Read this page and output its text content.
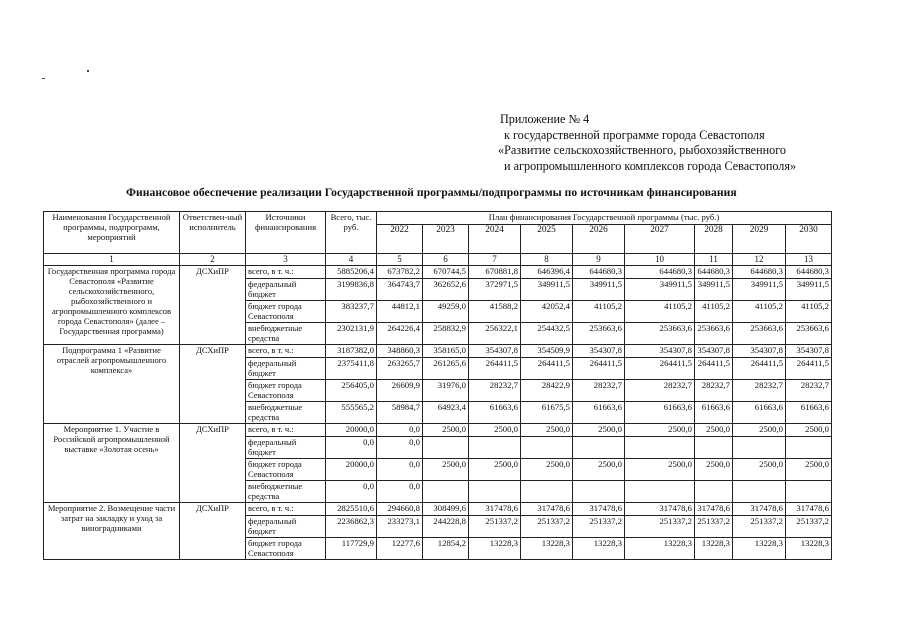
Приложение № 4
к государственной программе города Севастополя
«Развитие сельскохозяйственного, рыбохозяйственного
и агропромышленного комплексов города Севастополя»
Финансовое обеспечение реализации Государственной программы/подпрограммы по источникам финансирования
Наименования Государственной программы, подпрограмм, мероприятий	Ответствен-ный исполнитель	Источники финансирования	Всего, тыс. руб.	План финансирования Государственной программы (тыс. руб.)								
				2022	2023	2024	2025	2026	2027	2028	2029	2030
1	2	3	4	5	6	7	8	9	10	11	12	13
Государственная программа города Севастополя «Развитие сельскохозяйственного, рыбохозяйственного и агропромышленного комплексов города Севастополя» (далее – Государственная программа)	ДСХиПР	всего, в т. ч.:	5885206,4	673782,2	670744,5	670881,8	646396,4	644680,3	644680,3	644680,3	644680,3	644680,3
		федеральный бюджет	3199836,8	364743,7	362652,6	372971,5	349911,5	349911,5	349911,5	349911,5	349911,5	349911,5
		бюджет города Севастополя	383237,7	44812,1	49259,0	41588,2	42052,4	41105,2	41105,2	41105,2	41105,2	41105,2
		внебюджетные средства	2302131,9	264226,4	258832,9	256322,1	254432,5	253663,6	253663,6	253663,6	253663,6	253663,6
Подпрограмма 1 «Развитие отраслей агропромышленного комплекса»	ДСХиПР	всего, в т. ч.:	3187382,0	348860,3	358165,0	354307,8	354509,9	354307,8	354307,8	354307,8	354307,8	354307,8
		федеральный бюджет	2375411,8	263265,7	261265,6	264411,5	264411,5	264411,5	264411,5	264411,5	264411,5	264411,5
		бюджет города Севастополя	256405,0	26609,9	31976,0	28232,7	28422,9	28232,7	28232,7	28232,7	28232,7	28232,7
		внебюджетные средства	555565,2	58984,7	64923,4	61663,6	61675,5	61663,6	61663,6	61663,6	61663,6	61663,6
Мероприятие 1. Участие в Российской агропромышленной выставке «Золотая осень»	ДСХиПР	всего, в т. ч.:	20000,0	0,0	2500,0	2500,0	2500,0	2500,0	2500,0	2500,0	2500,0	2500,0
		федеральный бюджет	0,0	0,0								
		бюджет города Севастополя	20000,0	0,0	2500,0	2500,0	2500,0	2500,0	2500,0	2500,0	2500,0	2500,0
		внебюджетные средства	0,0	0,0								
Мероприятие 2. Возмещение части затрат на закладку и уход за виноградниками	ДСХиПР	всего, в т. ч.:	2825510,6	294660,8	308499,6	317478,6	317478,6	317478,6	317478,6	317478,6	317478,6	317478,6
		федеральный бюджет	2236862,3	233273,1	244228,8	251337,2	251337,2	251337,2	251337,2	251337,2	251337,2	251337,2
		бюджет города Севастополя	117729,9	12277,6	12854,2	13228,3	13228,3	13228,3	13228,3	13228,3	13228,3	13228,3
